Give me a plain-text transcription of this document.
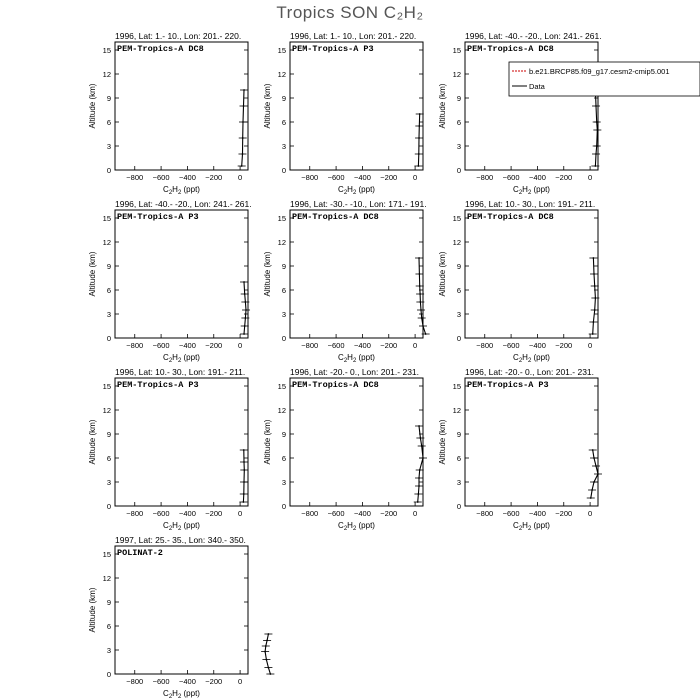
Tropics SON C₂H₂
1996, Lat: 1.- 10., Lon: 201.- 220.
PEM-Tropics-A DC8
−800 −600 −400 −200 0
0
3
6
9
12
15
$C_2H_2$ (ppt)
Altitude (km)
1996, Lat: 1.- 10., Lon: 201.- 220.
PEM-Tropics-A P3
−800 −600 −400 −200 0
0
3
6
9
12
15
$C_2H_2$ (ppt)
Altitude (km)
1996, Lat: -40.- -20., Lon: 241.- 261.
PEM-Tropics-A DC8
−800 −600 −400 −200 0
0
3
6
9
12
15
$C_2H_2$ (ppt)
Altitude (km)
b.e21.BRCP85.f09_g17.cesm2-cmip5.001
Data
1996, Lat: -40.- -20., Lon: 241.- 261.
PEM-Tropics-A P3
−800 −600 −400 −200 0
0
3
6
9
12
15
$C_2H_2$ (ppt)
Altitude (km)
1996, Lat: -30.- -10., Lon: 171.- 191.
PEM-Tropics-A DC8
−800 −600 −400 −200 0
0
3
6
9
12
15
$C_2H_2$ (ppt)
Altitude (km)
1996, Lat: 10.- 30., Lon: 191.- 211.
PEM-Tropics-A DC8
−800 −600 −400 −200 0
0
3
6
9
12
15
$C_2H_2$ (ppt)
Altitude (km)
1996, Lat: 10.- 30., Lon: 191.- 211.
PEM-Tropics-A P3
−800 −600 −400 −200 0
0
3
6
9
12
15
$C_2H_2$ (ppt)
Altitude (km)
1996, Lat: -20.- 0., Lon: 201.- 231.
PEM-Tropics-A DC8
−800 −600 −400 −200 0
0
3
6
9
12
15
$C_2H_2$ (ppt)
Altitude (km)
1996, Lat: -20.- 0., Lon: 201.- 231.
PEM-Tropics-A P3
−800 −600 −400 −200 0
0
3
6
9
12
15
$C_2H_2$ (ppt)
Altitude (km)
1997, Lat: 25.- 35., Lon: 340.- 350.
POLINAT-2
−800 −600 −400 −200 0
0
3
6
9
12
15
$C_2H_2$ (ppt)
Altitude (km)
